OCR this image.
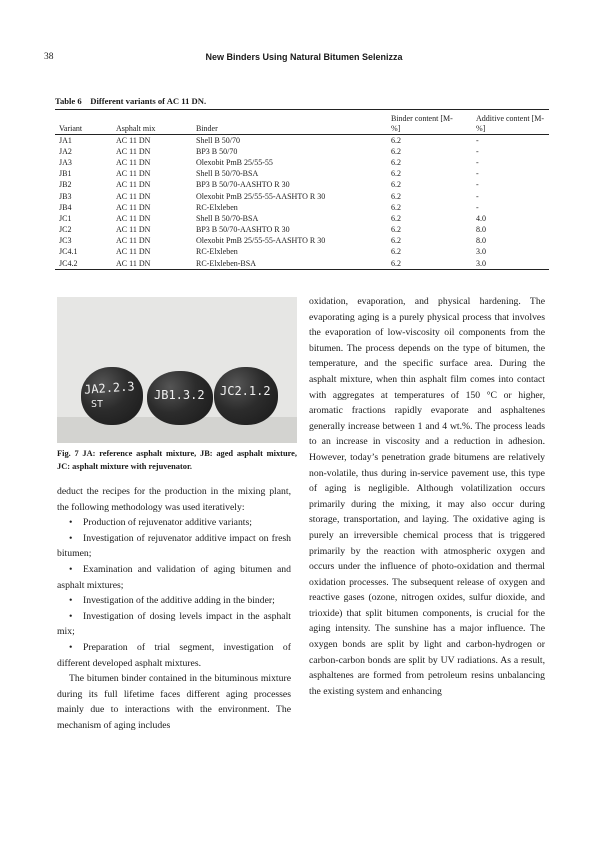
38	New Binders Using Natural Bitumen Selenizza
Table 6    Different variants of AC 11 DN.
Variant	Asphalt mix	Binder	Binder content [M-%]	Additive content [M-%]
JA1	AC 11 DN	Shell B 50/70	6.2	-
JA2	AC 11 DN	BP3 B 50/70	6.2	-
JA3	AC 11 DN	Olexobit PmB 25/55-55	6.2	-
JB1	AC 11 DN	Shell B 50/70-BSA	6.2	-
JB2	AC 11 DN	BP3 B 50/70-AASHTO R 30	6.2	-
JB3	AC 11 DN	Olexobit PmB 25/55-55-AASHTO R 30	6.2	-
JB4	AC 11 DN	RC-Elxleben	6.2	-
JC1	AC 11 DN	Shell B 50/70-BSA	6.2	4.0
JC2	AC 11 DN	BP3 B 50/70-AASHTO R 30	6.2	8.0
JC3	AC 11 DN	Olexobit PmB 25/55-55-AASHTO R 30	6.2	8.0
JC4.1	AC 11 DN	RC-Elxleben	6.2	3.0
JC4.2	AC 11 DN	RC-Elxleben-BSA	6.2	3.0
JA2.2.3
ST
JB1.3.2 JC2.1.2
Fig. 7 JA: reference asphalt mixture, JB: aged asphalt mixture, JC: asphalt mixture with rejuvenator.

deduct the recipes for the production in the mixing plant, the following methodology was used iteratively:

• Production of rejuvenator additive variants;
• Investigation of rejuvenator additive impact on fresh bitumen;
• Examination and validation of aging bitumen and asphalt mixtures;
• Investigation of the additive adding in the binder;
• Investigation of dosing levels impact in the asphalt mix;
• Preparation of trial segment, investigation of different developed asphalt mixtures.

The bitumen binder contained in the bituminous mixture during its full lifetime faces different aging processes mainly due to interactions with the environment. The mechanism of aging includes

oxidation, evaporation, and physical hardening. The evaporating aging is a purely physical process that involves the evaporation of low-viscosity oil components from the bitumen. The process depends on the type of bitumen, the temperature, and the specific surface area. During the asphalt mixture, when thin asphalt film comes into contact with aggregates at temperatures of 150 °C or higher, aromatic fractions rapidly evaporate and asphaltenes generally increase between 1 and 4 wt.%. The process leads to an increase in viscosity and a reduction in adhesion. However, today’s penetration grade bitumens are relatively non-volatile, thus during in-service pavement use, this type of aging is negligible. Although volatilization occurs primarily during the mixing, it may also occur during storage, transportation, and laying. The oxidative aging is purely an irreversible chemical process that is triggered primarily by the reaction with atmospheric oxygen and occurs under the influence of photo-oxidation and thermal oxidation processes. The subsequent release of oxygen and reactive gases (ozone, nitrogen oxides, sulfur dioxide, and trioxide) that split bitumen components, is crucial for the aging intensity. The sunshine has a major influence. The oxygen bonds are split by light and carbon-hydrogen or carbon-carbon bonds are split by UV radiations. As a result, asphaltenes are formed from petroleum resins unbalancing the existing system and enhancing
